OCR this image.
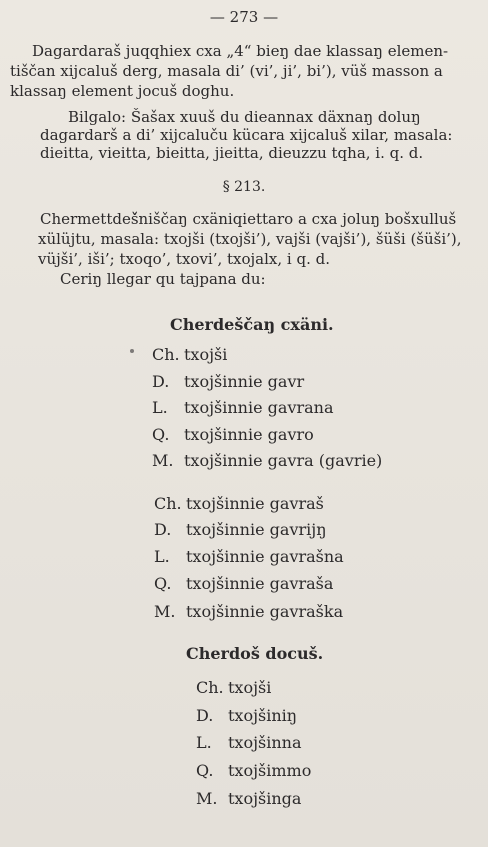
— 273 —
Dagardaraš juqqhieх cхa „4“ bieŋ dae klassaŋ elemen-
tiščan xijcaluš derg, masala di’ (vi’, ji’, bi’), vüš masson a
klassaŋ element jocuš doghu.
Bilgalo: Šašax xuuš du dieannax däxnaŋ doluŋ
dagardarš a di’ xijcaluču kücara xijcaluš xilar, masala:
dieitta, vieitta, bieitta, jieitta, dieuzzu tqha, i. q. d.
§ 213.
Chermettdeš̌niščaŋ cхäniqiettaro a cхa joluŋ bošxulluš
xülüjtu, masala: txojši (txojši’), vajši (vajši’), šüši (šüši’),
vüjši’, iši’; txoqo’, txovi’, txojalx, i q. d.
Ceriŋ llegar qu tajpana du:
Cherdeščaŋ cхäni.
Ch. txojši
D. txojšinnie gavr
L. txojšinnie gavrana
Q. txojšinnie gavro
M. txojšinnie gavra (gavrie)
Ch. txojšinnie gavraš
D. txojšinnie gavrijŋ
L. txojšinnie gavrašna
Q. txojšinnie gavraša
M. txojšinnie gavraška
Cherdoš docuš.
Ch. txojši
D. txojšiniŋ
L. txojšinna
Q. txojšimmo
M. txojšinga
